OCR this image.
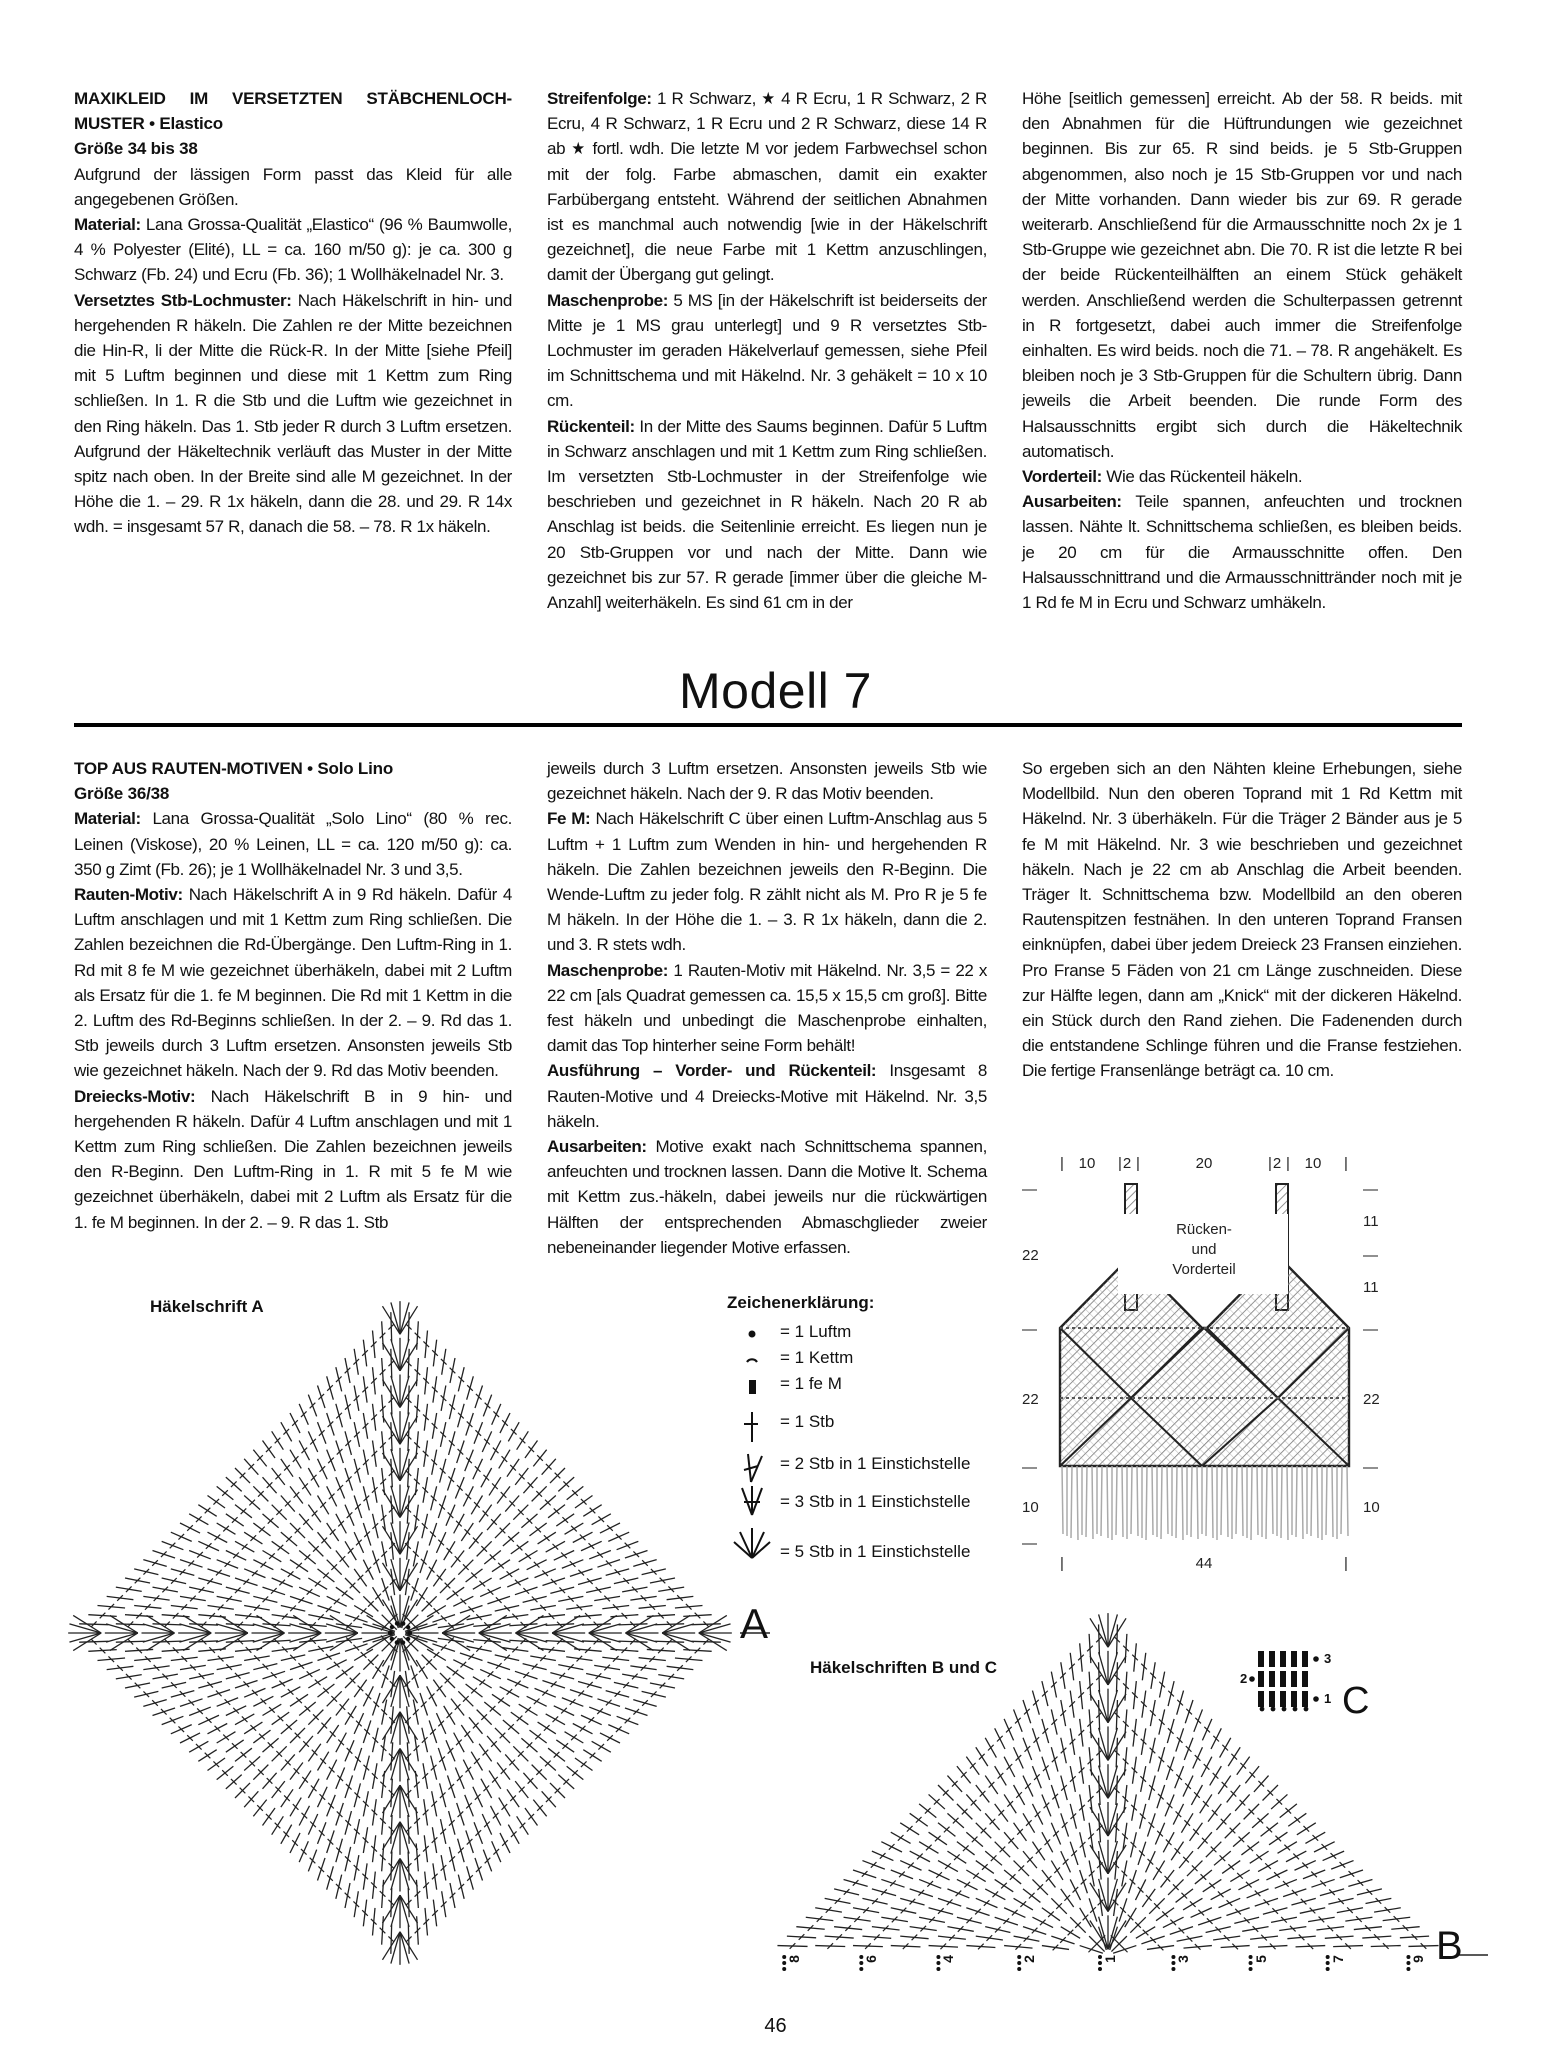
MAXIKLEID IM VERSETZTEN STÄBCHENLOCH-MUSTER • Elastico

Größe 34 bis 38

Aufgrund der lässigen Form passt das Kleid für alle angegebenen Größen.

Material: Lana Grossa-Qualität „Elastico“ (96 % Baumwolle, 4 % Polyester (Elité), LL = ca. 160 m/50 g): je ca. 300 g Schwarz (Fb. 24) und Ecru (Fb. 36); 1 Wollhäkelnadel Nr. 3.

Versetztes Stb-Lochmuster: Nach Häkelschrift in hin- und hergehenden R häkeln. Die Zahlen re der Mitte bezeichnen die Hin-R, li der Mitte die Rück-R. In der Mitte [siehe Pfeil] mit 5 Luftm beginnen und diese mit 1 Kettm zum Ring schließen. In 1. R die Stb und die Luftm wie gezeichnet in den Ring häkeln. Das 1. Stb jeder R durch 3 Luftm ersetzen. Aufgrund der Häkeltechnik verläuft das Muster in der Mitte spitz nach oben. In der Breite sind alle M gezeichnet. In der Höhe die 1. – 29. R 1x häkeln, dann die 28. und 29. R 14x wdh. = insgesamt 57 R, danach die 58. – 78. R 1x häkeln.

Streifenfolge: 1 R Schwarz, ★ 4 R Ecru, 1 R Schwarz, 2 R Ecru, 4 R Schwarz, 1 R Ecru und 2 R Schwarz, diese 14 R ab ★ fortl. wdh. Die letzte M vor jedem Farbwechsel schon mit der folg. Farbe abmaschen, damit ein exakter Farbübergang entsteht. Während der seitlichen Abnahmen ist es manchmal auch notwendig [wie in der Häkelschrift gezeichnet], die neue Farbe mit 1 Kettm anzuschlingen, damit der Übergang gut gelingt.

Maschenprobe: 5 MS [in der Häkelschrift ist beiderseits der Mitte je 1 MS grau unterlegt] und 9 R versetztes Stb-Lochmuster im geraden Häkelverlauf gemessen, siehe Pfeil im Schnittschema und mit Häkelnd. Nr. 3 gehäkelt = 10 x 10 cm.

Rückenteil: In der Mitte des Saums beginnen. Dafür 5 Luftm in Schwarz anschlagen und mit 1 Kettm zum Ring schließen. Im versetzten Stb-Lochmuster in der Streifenfolge wie beschrieben und gezeichnet in R häkeln. Nach 20 R ab Anschlag ist beids. die Seitenlinie erreicht. Es liegen nun je 20 Stb-Gruppen vor und nach der Mitte. Dann wie gezeichnet bis zur 57. R gerade [immer über die gleiche M-Anzahl] weiterhäkeln. Es sind 61 cm in der

Höhe [seitlich gemessen] erreicht. Ab der 58. R beids. mit den Abnahmen für die Hüftrundungen wie gezeichnet beginnen. Bis zur 65. R sind beids. je 5 Stb-Gruppen abgenommen, also noch je 15 Stb-Gruppen vor und nach der Mitte vorhanden. Dann wieder bis zur 69. R gerade weiterarb. Anschließend für die Armausschnitte noch 2x je 1 Stb-Gruppe wie gezeichnet abn. Die 70. R ist die letzte R bei der beide Rückenteilhälften an einem Stück gehäkelt werden. Anschließend werden die Schulterpassen getrennt in R fortgesetzt, dabei auch immer die Streifenfolge einhalten. Es wird beids. noch die 71. – 78. R angehäkelt. Es bleiben noch je 3 Stb-Gruppen für die Schultern übrig. Dann jeweils die Arbeit beenden. Die runde Form des Halsausschnitts ergibt sich durch die Häkeltechnik automatisch.

Vorderteil: Wie das Rückenteil häkeln.

Ausarbeiten: Teile spannen, anfeuchten und trocknen lassen. Nähte lt. Schnittschema schließen, es bleiben beids. je 20 cm für die Armausschnitte offen. Den Halsausschnittrand und die Armausschnittränder noch mit je 1 Rd fe M in Ecru und Schwarz umhäkeln.

Modell 7

TOP AUS RAUTEN-MOTIVEN • Solo Lino

Größe 36/38

Material: Lana Grossa-Qualität „Solo Lino“ (80 % rec. Leinen (Viskose), 20 % Leinen, LL = ca. 120 m/50 g): ca. 350 g Zimt (Fb. 26); je 1 Wollhäkelnadel Nr. 3 und 3,5.

Rauten-Motiv: Nach Häkelschrift A in 9 Rd häkeln. Dafür 4 Luftm anschlagen und mit 1 Kettm zum Ring schließen. Die Zahlen bezeichnen die Rd-Übergänge. Den Luftm-Ring in 1. Rd mit 8 fe M wie gezeichnet überhäkeln, dabei mit 2 Luftm als Ersatz für die 1. fe M beginnen. Die Rd mit 1 Kettm in die 2. Luftm des Rd-Beginns schließen. In der 2. – 9. Rd das 1. Stb jeweils durch 3 Luftm ersetzen. Ansonsten jeweils Stb wie gezeichnet häkeln. Nach der 9. Rd das Motiv beenden.

Dreiecks-Motiv: Nach Häkelschrift B in 9 hin- und hergehenden R häkeln. Dafür 4 Luftm anschlagen und mit 1 Kettm zum Ring schließen. Die Zahlen bezeichnen jeweils den R-Beginn. Den Luftm-Ring in 1. R mit 5 fe M wie gezeichnet überhäkeln, dabei mit 2 Luftm als Ersatz für die 1. fe M beginnen. In der 2. – 9. R das 1. Stb

jeweils durch 3 Luftm ersetzen. Ansonsten jeweils Stb wie gezeichnet häkeln. Nach der 9. R das Motiv beenden.

Fe M: Nach Häkelschrift C über einen Luftm-Anschlag aus 5 Luftm + 1 Luftm zum Wenden in hin- und hergehenden R häkeln. Die Zahlen bezeichnen jeweils den R-Beginn. Die Wende-Luftm zu jeder folg. R zählt nicht als M. Pro R je 5 fe M häkeln. In der Höhe die 1. – 3. R 1x häkeln, dann die 2. und 3. R stets wdh.

Maschenprobe: 1 Rauten-Motiv mit Häkelnd. Nr. 3,5 = 22 x 22 cm [als Quadrat gemessen ca. 15,5 x 15,5 cm groß]. Bitte fest häkeln und unbedingt die Maschenprobe einhalten, damit das Top hinterher seine Form behält!

Ausführung – Vorder- und Rückenteil: Insgesamt 8 Rauten-Motive und 4 Dreiecks-Motive mit Häkelnd. Nr. 3,5 häkeln.

Ausarbeiten: Motive exakt nach Schnittschema spannen, anfeuchten und trocknen lassen. Dann die Motive lt. Schema mit Kettm zus.-häkeln, dabei jeweils nur die rückwärtigen Hälften der entsprechenden Abmaschglieder zweier nebeneinander liegender Motive erfassen.

So ergeben sich an den Nähten kleine Erhebungen, siehe Modellbild. Nun den oberen Toprand mit 1 Rd Kettm mit Häkelnd. Nr. 3 überhäkeln. Für die Träger 2 Bänder aus je 5 fe M mit Häkelnd. Nr. 3 wie beschrieben und gezeichnet häkeln. Nach je 22 cm ab Anschlag die Arbeit beenden. Träger lt. Schnittschema bzw. Modellbild an den oberen Rautenspitzen festnähen. In den unteren Toprand Fransen einknüpfen, dabei über jedem Dreieck 23 Fransen einziehen. Pro Franse 5 Fäden von 21 cm Länge zuschneiden. Diese zur Hälfte legen, dann am „Knick“ mit der dickeren Häkelnd. ein Stück durch den Rand ziehen. Die Fadenenden durch die entstandene Schlinge führen und die Franse festziehen. Die fertige Fransenlänge beträgt ca. 10 cm.

Häkelschrift A
A
Zeichenerklärung:
= 1 Luftm
= 1 Kettm
= 1 fe M
= 1 Stb
= 2 Stb in 1 Einstichstelle
= 3 Stb in 1 Einstichstelle
= 5 Stb in 1 Einstichstelle
Rücken-
und
Vorderteil
| 10 | 2 |	20	| 2 | 10 |
—
22
—
22
—
10
—
—
11
—
11
—
22
—
10
|	44	|
Häkelschriften B und C
B
3
2
1 C
8	6	4	2	1	3	5	7	9
46
